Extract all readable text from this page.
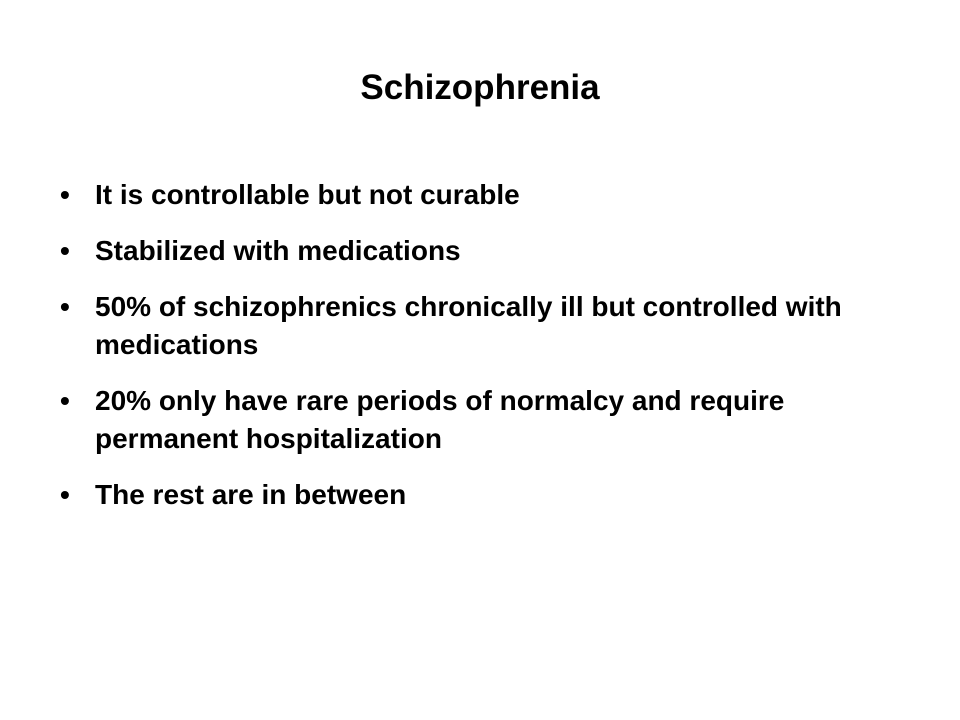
Schizophrenia
• It is controllable but not curable
• Stabilized with medications
• 50% of schizophrenics chronically ill but controlled with medications
• 20% only have rare periods of normalcy and require permanent hospitalization
• The rest are in between
